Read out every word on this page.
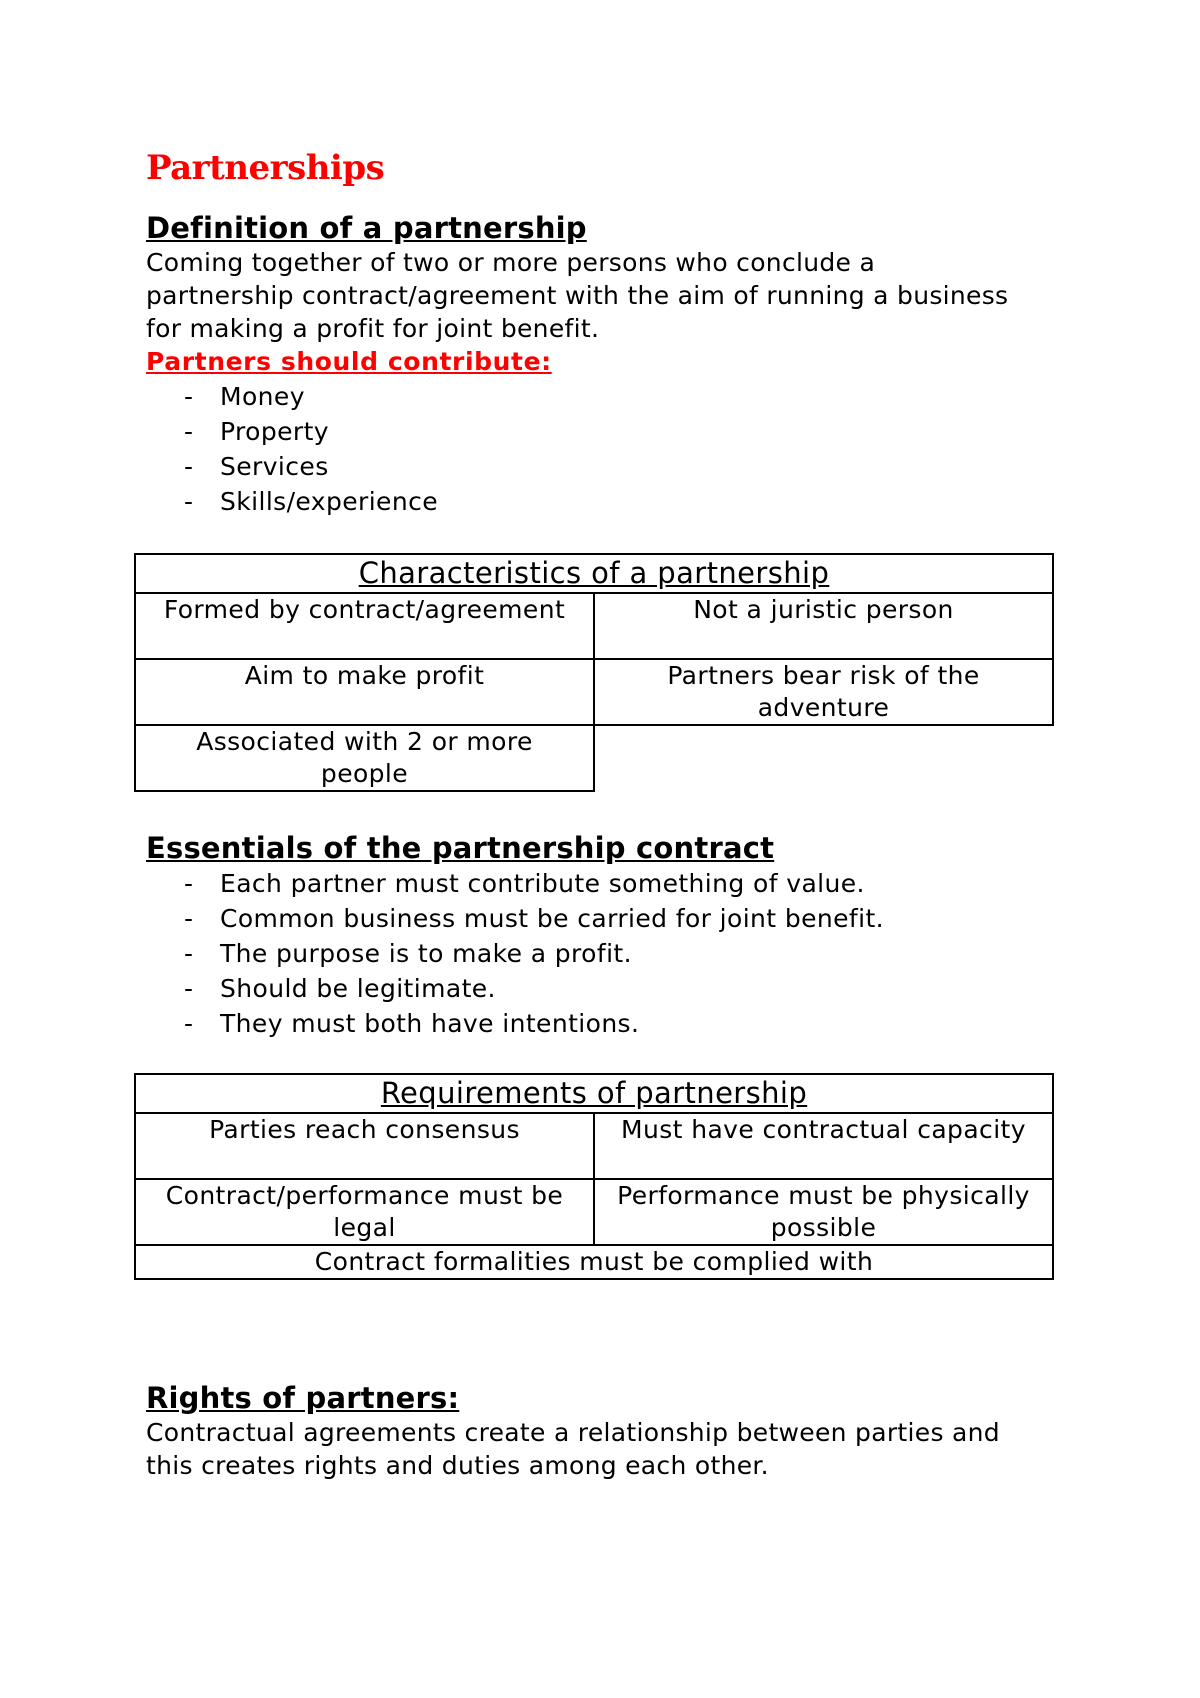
Partnerships
Definition of a partnership

Coming together of two or more persons who conclude a partnership contract/agreement with the aim of running a business for making a profit for joint benefit.

Partners should contribute:

- Money
- Property
- Services
- Skills/experience
Characteristics of a partnership	
Formed by contract/agreement	Not a juristic person
Aim to make profit	Partners bear risk of the adventure
Associated with 2 or more people	
Essentials of the partnership contract
- Each partner must contribute something of value.
- Common business must be carried for joint benefit.
- The purpose is to make a profit.
- Should be legitimate.
- They must both have intentions.
Requirements of partnership	
Parties reach consensus	Must have contractual capacity
Contract/performance must be legal	Performance must be physically possible
Contract formalities must be complied with	
Rights of partners:

Contractual agreements create a relationship between parties and this creates rights and duties among each other.
